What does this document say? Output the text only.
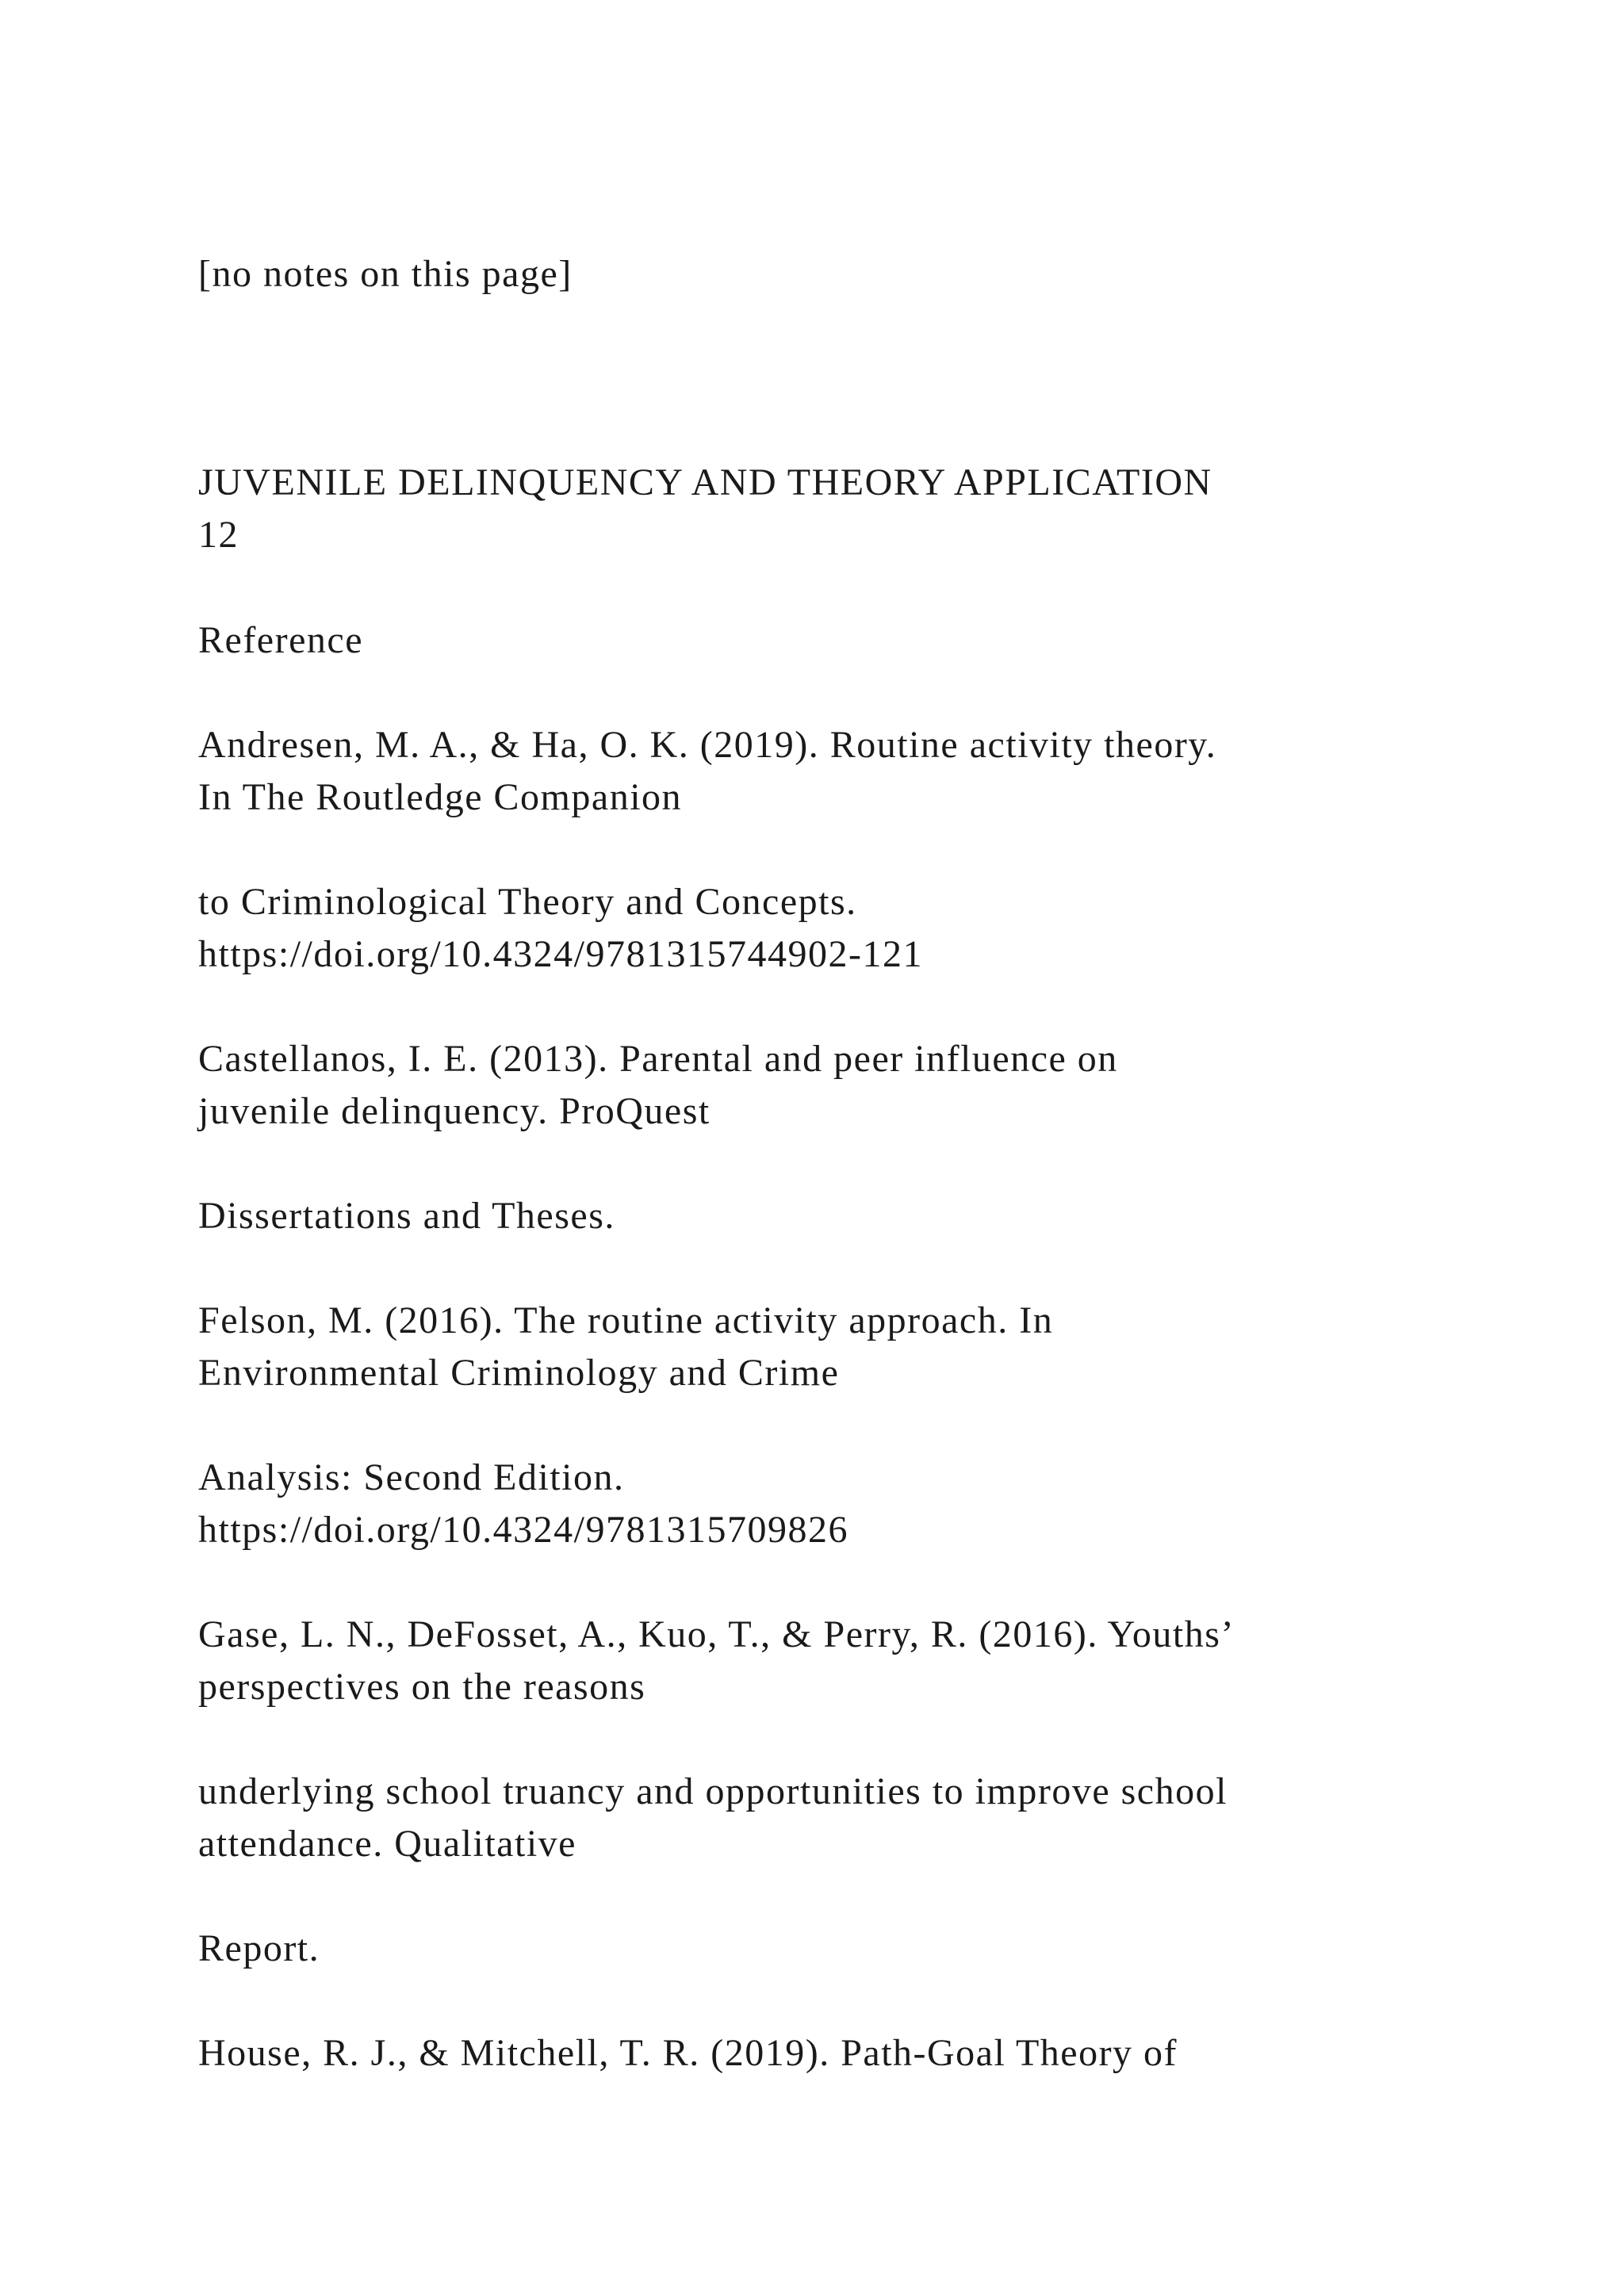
[no notes on this page]
JUVENILE DELINQUENCY AND THEORY APPLICATION
12
Reference
Andresen, M. A., & Ha, O. K. (2019). Routine activity theory.
In The Routledge Companion
to Criminological Theory and Concepts.
https://doi.org/10.4324/9781315744902-121
Castellanos, I. E. (2013). Parental and peer influence on
juvenile delinquency. ProQuest
Dissertations and Theses.
Felson, M. (2016). The routine activity approach. In
Environmental Criminology and Crime
Analysis: Second Edition.
https://doi.org/10.4324/9781315709826
Gase, L. N., DeFosset, A., Kuo, T., & Perry, R. (2016). Youths’
perspectives on the reasons
underlying school truancy and opportunities to improve school
attendance. Qualitative
Report.
House, R. J., & Mitchell, T. R. (2019). Path-Goal Theory of
